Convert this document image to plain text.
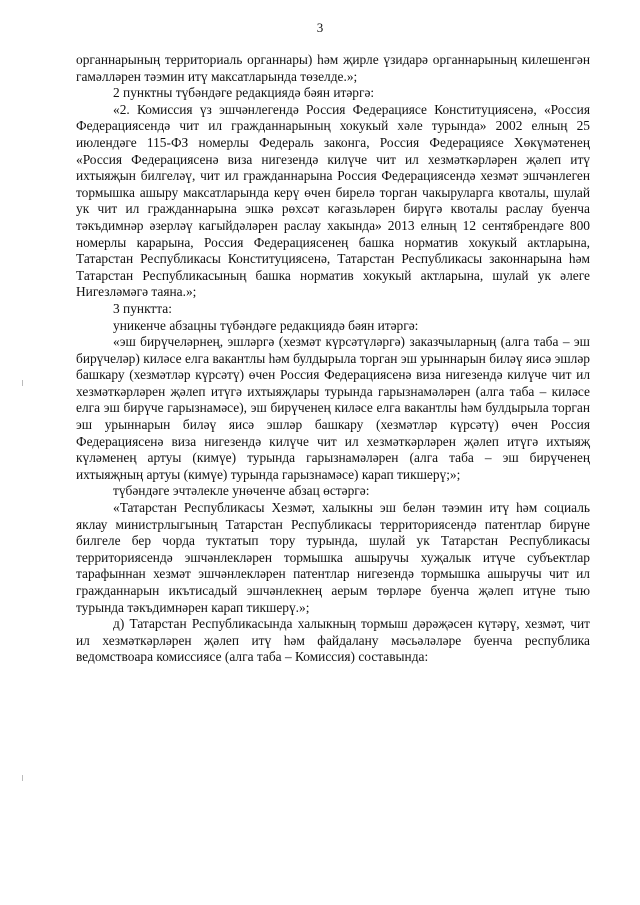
3

органнарының территориаль органнары) һәм җирле үзидарә органнарының килешенгән гамәлләрен тәэмин итү максатларында төзелде.»;

2 пунктны түбәндәге редакциядә бәян итәргә:

«2. Комиссия үз эшчәнлегендә Россия Федерациясе Конституциясенә, «Россия Федерациясендә чит ил гражданнарының хокукый хәле турында» 2002 елның 25 июлендәге 115-ФЗ номерлы Федераль законга, Россия Федерациясе Хөкүмәтенең «Россия Федерациясенә виза нигезендә килүче чит ил хезмәткәрләрен җәлеп итү ихтыяҗын билгеләү, чит ил гражданнарына Россия Федерациясендә хезмәт эшчәнлеген тормышка ашыру максатларында керү өчен бирелә торган чакыруларга квоталы, шулай ук чит ил гражданнарына эшкә рөхсәт кәгазьләрен бирүгә квоталы раслау буенча тәкъдимнәр әзерләү кагыйдәләрен раслау хакында» 2013 елның 12 сентябрендәге 800 номерлы карарына, Россия Федерациясенең башка норматив хокукый актларына, Татарстан Республикасы Конституциясенә, Татарстан Республикасы законнарына һәм Татарстан Республикасының башка норматив хокукый актларына, шулай ук әлеге Нигезләмәгә таяна.»;

3 пунктта:

уникенче абзацны түбәндәге редакциядә бәян итәргә:

«эш бирүчеләрнең, эшләргә (хезмәт күрсәтүләргә) заказчыларның (алга таба – эш бирүчеләр) киләсе елга вакантлы һәм булдырыла торган эш урыннарын биләү яисә эшләр башкару (хезмәтләр күрсәтү) өчен Россия Федерациясенә виза нигезендә килүче чит ил хезмәткәрләрен җәлеп итүгә ихтыяҗлары турында гарызнамәләрен (алга таба – киләсе елга эш бирүче гарызнамәсе), эш бирүченең киләсе елга вакантлы һәм булдырыла торган эш урыннарын биләү яисә эшләр башкару (хезмәтләр күрсәтү) өчен Россия Федерациясенә виза нигезендә килүче чит ил хезмәткәрләрен җәлеп итүгә ихтыяҗ күләменең артуы (кимүе) турында гарызнамәләрен (алга таба – эш бирүченең ихтыяҗның артуы (кимүе) турында гарызнамәсе) карап тикшерү;»;

түбәндәге эчтәлекле унөченче абзац өстәргә:

«Татарстан Республикасы Хезмәт, халыкны эш белән тәэмин итү һәм социаль яклау министрлыгының Татарстан Республикасы территориясендә патентлар бирүне билгеле бер чорда туктатып тору турында, шулай ук Татарстан Республикасы территориясендә эшчәнлекләрен тормышка ашыручы хуҗалык итүче субъектлар тарафыннан хезмәт эшчәнлекләрен патентлар нигезендә тормышка ашыручы чит ил гражданнарын икътисадый эшчәнлекнең аерым төрләре буенча җәлеп итүне тыю турында тәкъдимнәрен карап тикшерү.»;

д) Татарстан Республикасында халыкның тормыш дәрәҗәсен күтәрү, хезмәт, чит ил хезмәткәрләрен җәлеп итү һәм файдалану мәсьәләләре буенча республика ведомствоара комиссиясе (алга таба – Комиссия) составында:
